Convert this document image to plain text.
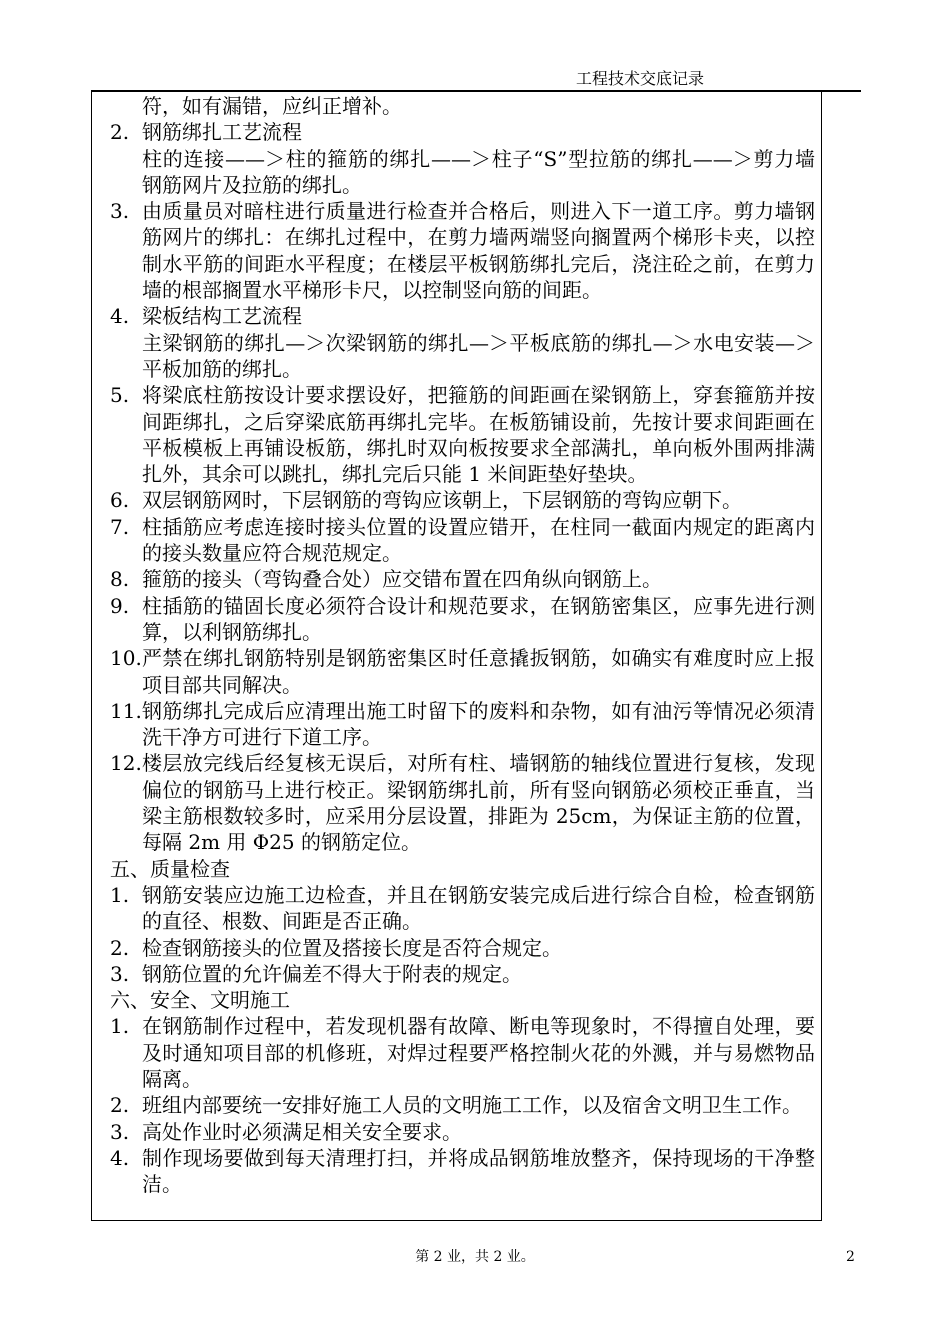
工程技术交底记录
符，如有漏错，应纠正增补。
2. 钢筋绑扎工艺流程
柱的连接——＞柱的箍筋的绑扎——＞柱子“S”型拉筋的绑扎——＞剪力墙钢筋网片及拉筋的绑扎。
3. 由质量员对暗柱进行质量进行检查并合格后，则进入下一道工序。剪力墙钢筋网片的绑扎：在绑扎过程中，在剪力墙两端竖向搁置两个梯形卡夹，以控制水平筋的间距水平程度；在楼层平板钢筋绑扎完后，浇注砼之前，在剪力墙的根部搁置水平梯形卡尺，以控制竖向筋的间距。
4. 梁板结构工艺流程
主梁钢筋的绑扎—＞次梁钢筋的绑扎—＞平板底筋的绑扎—＞水电安装—＞平板加筋的绑扎。
5. 将梁底柱筋按设计要求摆设好，把箍筋的间距画在梁钢筋上，穿套箍筋并按间距绑扎，之后穿梁底筋再绑扎完毕。在板筋铺设前，先按计要求间距画在平板模板上再铺设板筋，绑扎时双向板按要求全部满扎，单向板外围两排满扎外，其余可以跳扎，绑扎完后只能 1 米间距垫好垫块。
6. 双层钢筋网时，下层钢筋的弯钩应该朝上，下层钢筋的弯钩应朝下。
7. 柱插筋应考虑连接时接头位置的设置应错开，在柱同一截面内规定的距离内的接头数量应符合规范规定。
8. 箍筋的接头（弯钩叠合处）应交错布置在四角纵向钢筋上。
9. 柱插筋的锚固长度必须符合设计和规范要求，在钢筋密集区，应事先进行测算，以利钢筋绑扎。
10. 严禁在绑扎钢筋特别是钢筋密集区时任意撬扳钢筋，如确实有难度时应上报项目部共同解决。
11. 钢筋绑扎完成后应清理出施工时留下的废料和杂物，如有油污等情况必须清洗干净方可进行下道工序。
12. 楼层放完线后经复核无误后，对所有柱、墙钢筋的轴线位置进行复核，发现偏位的钢筋马上进行校正。梁钢筋绑扎前，所有竖向钢筋必须校正垂直，当梁主筋根数较多时，应采用分层设置，排距为 25cm，为保证主筋的位置，每隔 2m 用 Φ25 的钢筋定位。
五、质量检查
1. 钢筋安装应边施工边检查，并且在钢筋安装完成后进行综合自检，检查钢筋的直径、根数、间距是否正确。
2. 检查钢筋接头的位置及搭接长度是否符合规定。
3. 钢筋位置的允许偏差不得大于附表的规定。
六、安全、文明施工
1. 在钢筋制作过程中，若发现机器有故障、断电等现象时，不得擅自处理，要及时通知项目部的机修班，对焊过程要严格控制火花的外溅，并与易燃物品隔离。
2. 班组内部要统一安排好施工人员的文明施工工作，以及宿舍文明卫生工作。
3. 高处作业时必须满足相关安全要求。
4. 制作现场要做到每天清理打扫，并将成品钢筋堆放整齐，保持现场的干净整洁。
第 2 业，共 2 业。	2
